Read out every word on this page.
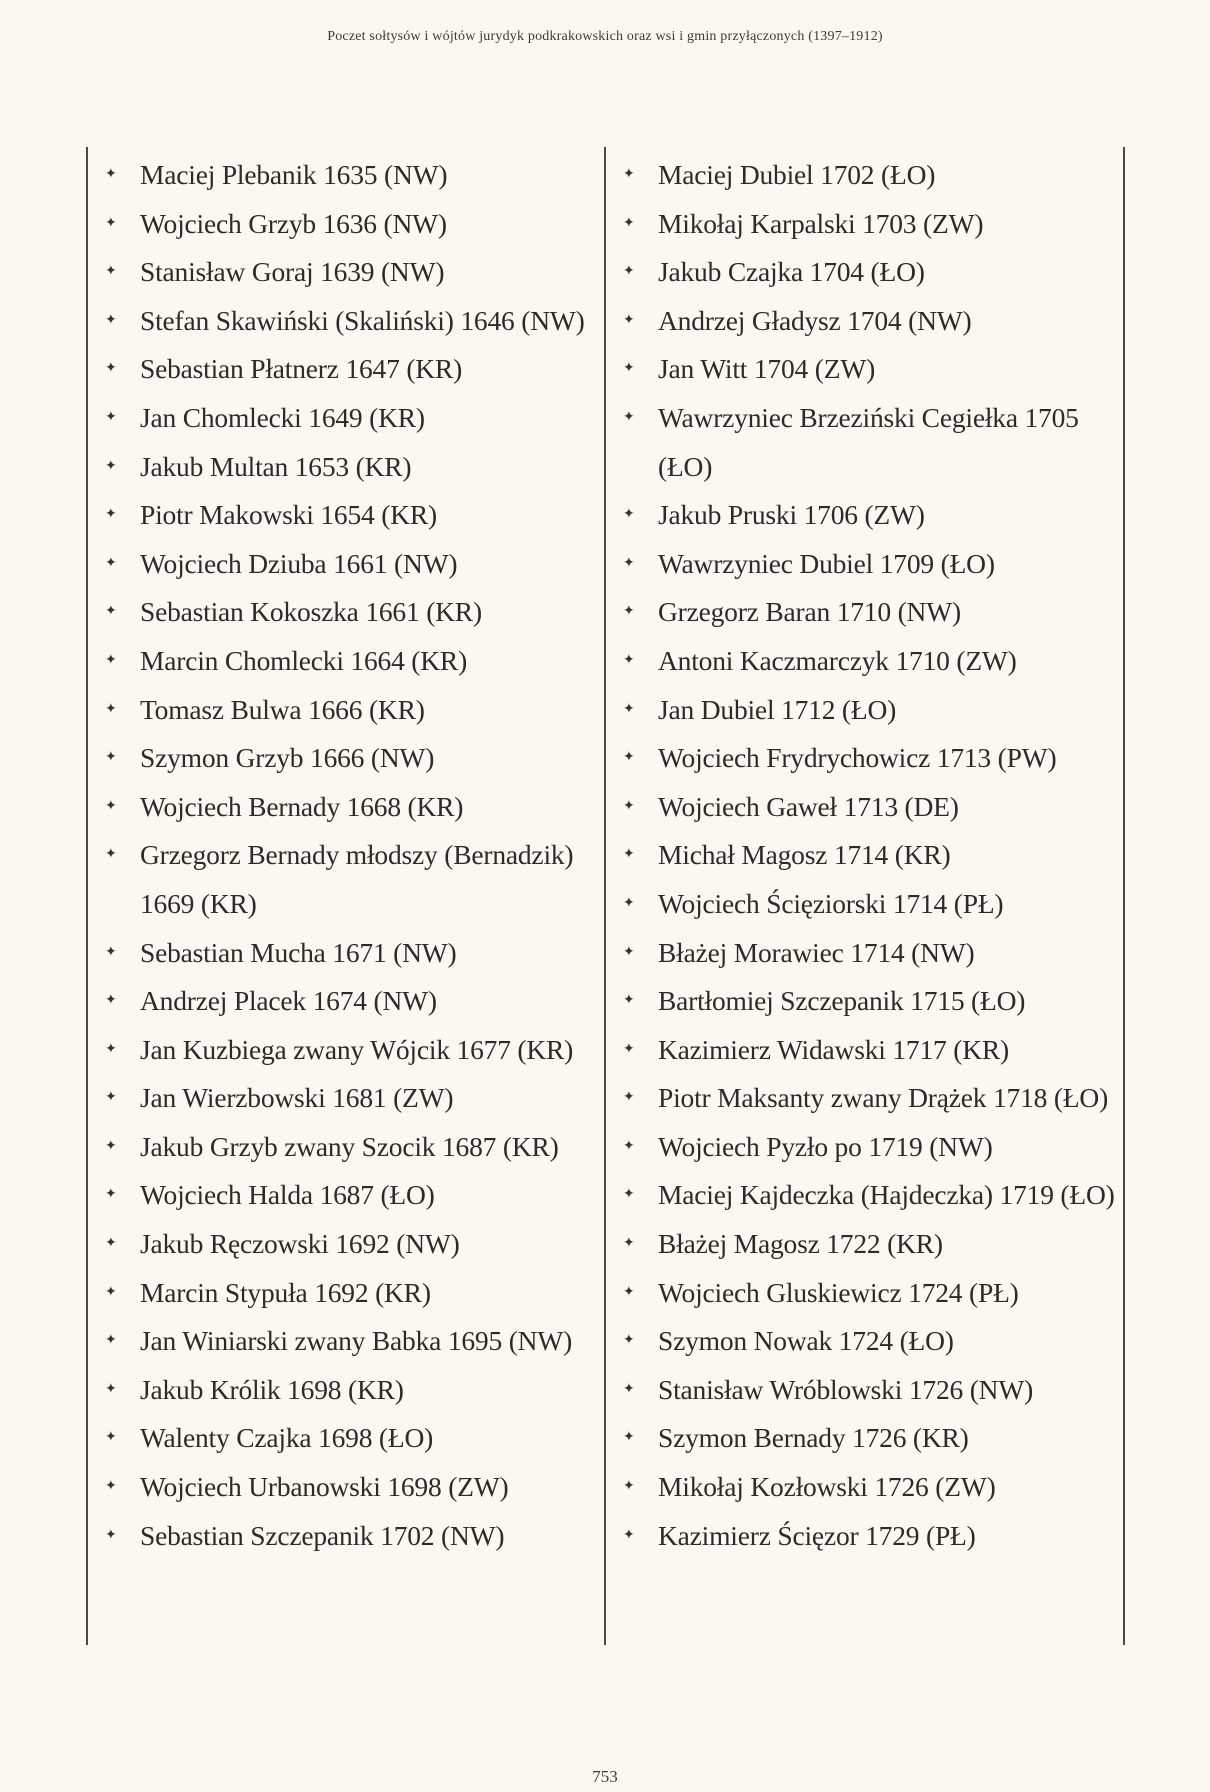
Poczet sołtysów i wójtów jurydyk podkrakowskich oraz wsi i gmin przyłączonych (1397–1912)
✦ Maciej Plebanik 1635 (NW)
✦ Wojciech Grzyb 1636 (NW)
✦ Stanisław Goraj 1639 (NW)
✦ Stefan Skawiński (Skaliński) 1646 (NW)
✦ Sebastian Płatnerz 1647 (KR)
✦ Jan Chomlecki 1649 (KR)
✦ Jakub Multan 1653 (KR)
✦ Piotr Makowski 1654 (KR)
✦ Wojciech Dziuba 1661 (NW)
✦ Sebastian Kokoszka 1661 (KR)
✦ Marcin Chomlecki 1664 (KR)
✦ Tomasz Bulwa 1666 (KR)
✦ Szymon Grzyb 1666 (NW)
✦ Wojciech Bernady 1668 (KR)
✦ Grzegorz Bernady młodszy (Bernadzik) 1669 (KR)
✦ Sebastian Mucha 1671 (NW)
✦ Andrzej Placek 1674 (NW)
✦ Jan Kuzbiega zwany Wójcik 1677 (KR)
✦ Jan Wierzbowski 1681 (ZW)
✦ Jakub Grzyb zwany Szocik 1687 (KR)
✦ Wojciech Halda 1687 (ŁO)
✦ Jakub Ręczowski 1692 (NW)
✦ Marcin Stypuła 1692 (KR)
✦ Jan Winiarski zwany Babka 1695 (NW)
✦ Jakub Królik 1698 (KR)
✦ Walenty Czajka 1698 (ŁO)
✦ Wojciech Urbanowski 1698 (ZW)
✦ Sebastian Szczepanik 1702 (NW)
✦ Maciej Dubiel 1702 (ŁO)
✦ Mikołaj Karpalski 1703 (ZW)
✦ Jakub Czajka 1704 (ŁO)
✦ Andrzej Gładysz 1704 (NW)
✦ Jan Witt 1704 (ZW)
✦ Wawrzyniec Brzeziński Cegiełka 1705 (ŁO)
✦ Jakub Pruski 1706 (ZW)
✦ Wawrzyniec Dubiel 1709 (ŁO)
✦ Grzegorz Baran 1710 (NW)
✦ Antoni Kaczmarczyk 1710 (ZW)
✦ Jan Dubiel 1712 (ŁO)
✦ Wojciech Frydrychowicz 1713 (PW)
✦ Wojciech Gaweł 1713 (DE)
✦ Michał Magosz 1714 (KR)
✦ Wojciech Ścięziorski 1714 (PŁ)
✦ Błażej Morawiec 1714 (NW)
✦ Bartłomiej Szczepanik 1715 (ŁO)
✦ Kazimierz Widawski 1717 (KR)
✦ Piotr Maksanty zwany Drążek 1718 (ŁO)
✦ Wojciech Pyzło po 1719 (NW)
✦ Maciej Kajdeczka (Hajdeczka) 1719 (ŁO)
✦ Błażej Magosz 1722 (KR)
✦ Wojciech Gluskiewicz 1724 (PŁ)
✦ Szymon Nowak 1724 (ŁO)
✦ Stanisław Wróblowski 1726 (NW)
✦ Szymon Bernady 1726 (KR)
✦ Mikołaj Kozłowski 1726 (ZW)
✦ Kazimierz Ścięzor 1729 (PŁ)
753
